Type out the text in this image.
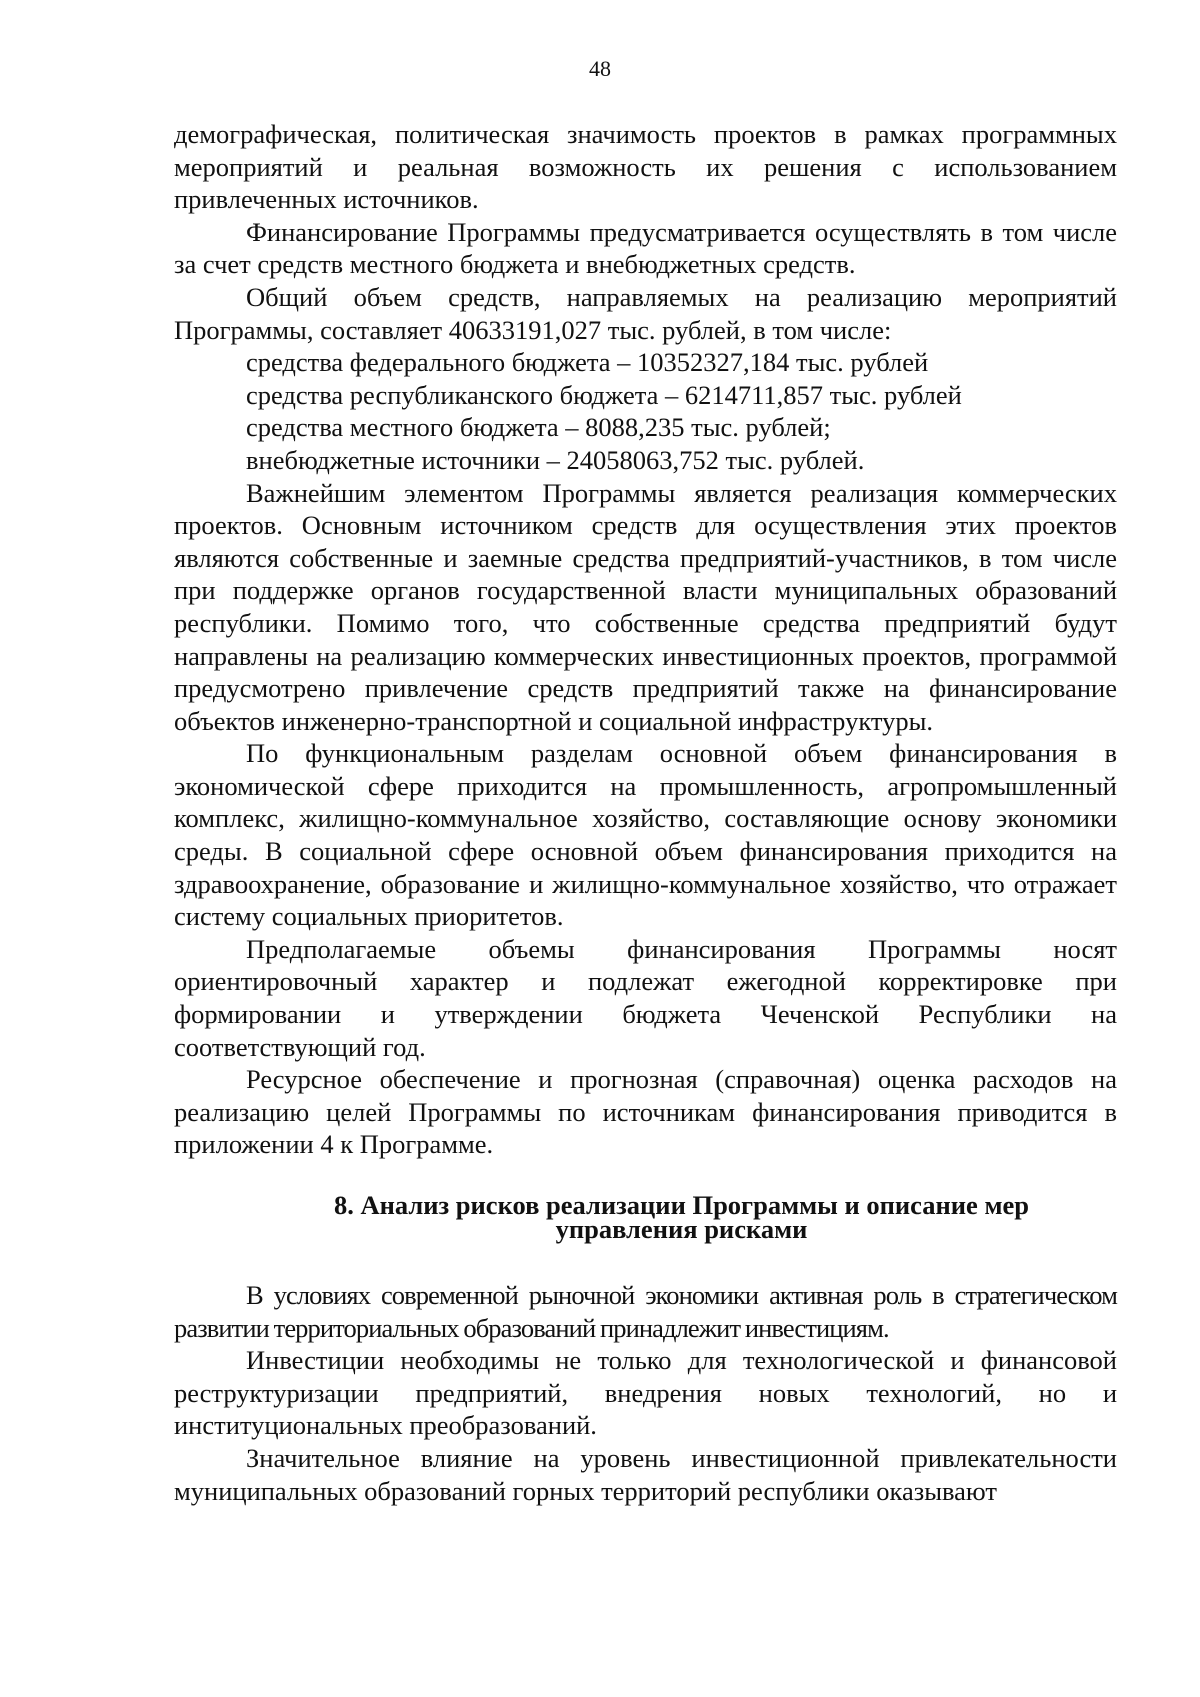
48

демографическая, политическая значимость проектов в рамках программных мероприятий и реальная возможность их решения с использованием привлеченных источников.

Финансирование Программы предусматривается осуществлять в том числе за счет средств местного бюджета и внебюджетных средств.

Общий объем средств, направляемых на реализацию мероприятий Программы, составляет 40633191,027 тыс. рублей, в том числе:

средства федерального бюджета – 10352327,184 тыс. рублей

средства республиканского бюджета – 6214711,857 тыс. рублей

средства местного бюджета – 8088,235 тыс. рублей;

внебюджетные источники – 24058063,752 тыс. рублей.

Важнейшим элементом Программы является реализация коммерческих проектов. Основным источником средств для осуществления этих проектов являются собственные и заемные средства предприятий-участников, в том числе при поддержке органов государственной власти муниципальных образований республики. Помимо того, что собственные средства предприятий будут направлены на реализацию коммерческих инвестиционных проектов, программой предусмотрено привлечение средств предприятий также на финансирование объектов инженерно-транспортной и социальной инфраструктуры.

По функциональным разделам основной объем финансирования в экономической сфере приходится на промышленность, агропромышленный комплекс, жилищно-коммунальное хозяйство, составляющие основу экономики среды. В социальной сфере основной объем финансирования приходится на здравоохранение, образование и жилищно-коммунальное хозяйство, что отражает систему социальных приоритетов.

Предполагаемые объемы финансирования Программы носят ориентировочный характер и подлежат ежегодной корректировке при формировании и утверждении бюджета Чеченской Республики на соответствующий год.

Ресурсное обеспечение и прогнозная (справочная) оценка расходов на реализацию целей Программы по источникам финансирования приводится в приложении 4 к Программе.

8. Анализ рисков реализации Программы и описание мер
управления рисками

В условиях современной рыночной экономики активная роль в стратегическом развитии территориальных образований принадлежит инвестициям.

Инвестиции необходимы не только для технологической и финансовой реструктуризации предприятий, внедрения новых технологий, но и институциональных преобразований.

Значительное влияние на уровень инвестиционной привлекательности муниципальных образований горных территорий республики оказывают
